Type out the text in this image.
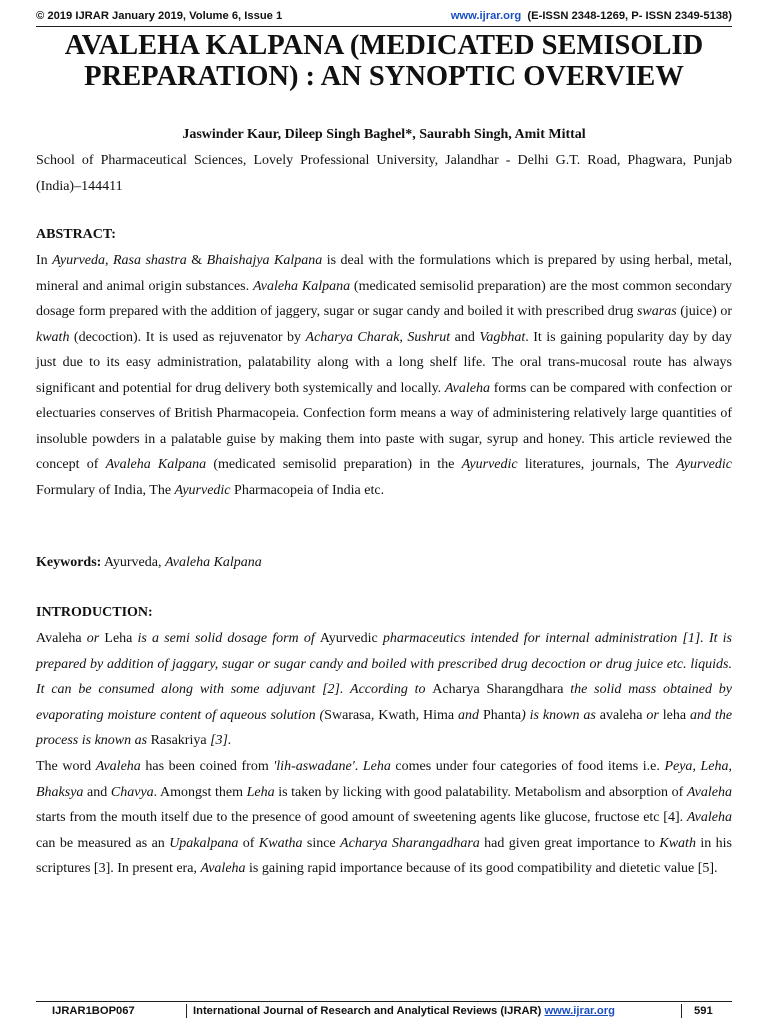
© 2019 IJRAR January 2019, Volume 6, Issue 1	www.ijrar.org (E-ISSN 2348-1269, P- ISSN 2349-5138)
AVALEHA KALPANA (MEDICATED SEMISOLID PREPARATION) : AN SYNOPTIC OVERVIEW
Jaswinder Kaur, Dileep Singh Baghel*, Saurabh Singh, Amit Mittal
School of Pharmaceutical Sciences, Lovely Professional University, Jalandhar - Delhi G.T. Road, Phagwara, Punjab (India)–144411
ABSTRACT:

In Ayurveda, Rasa shastra & Bhaishajya Kalpana is deal with the formulations which is prepared by using herbal, metal, mineral and animal origin substances. Avaleha Kalpana (medicated semisolid preparation) are the most common secondary dosage form prepared with the addition of jaggery, sugar or sugar candy and boiled it with prescribed drug swaras (juice) or kwath (decoction). It is used as rejuvenator by Acharya Charak, Sushrut and Vagbhat. It is gaining popularity day by day just due to its easy administration, palatability along with a long shelf life. The oral trans-mucosal route has always significant and potential for drug delivery both systemically and locally. Avaleha forms can be compared with confection or electuaries conserves of British Pharmacopeia. Confection form means a way of administering relatively large quantities of insoluble powders in a palatable guise by making them into paste with sugar, syrup and honey. This article reviewed the concept of Avaleha Kalpana (medicated semisolid preparation) in the Ayurvedic literatures, journals, The Ayurvedic Formulary of India, The Ayurvedic Pharmacopeia of India etc.

Keywords: Ayurveda, Avaleha Kalpana
INTRODUCTION:

Avaleha or Leha is a semi solid dosage form of Ayurvedic pharmaceutics intended for internal administration [1]. It is prepared by addition of jaggary, sugar or sugar candy and boiled with prescribed drug decoction or drug juice etc. liquids. It can be consumed along with some adjuvant [2]. According to Acharya Sharangdhara the solid mass obtained by evaporating moisture content of aqueous solution (Swarasa, Kwath, Hima and Phanta) is known as avaleha or leha and the process is known as Rasakriya [3].

The word Avaleha has been coined from 'lih-aswadane'. Leha comes under four categories of food items i.e. Peya, Leha, Bhaksya and Chavya. Amongst them Leha is taken by licking with good palatability. Metabolism and absorption of Avaleha starts from the mouth itself due to the presence of good amount of sweetening agents like glucose, fructose etc [4]. Avaleha can be measured as an Upakalpana of Kwatha since Acharya Sharangadhara had given great importance to Kwath in his scriptures [3]. In present era, Avaleha is gaining rapid importance because of its good compatibility and dietetic value [5].

IJRAR1BOP067	International Journal of Research and Analytical Reviews (IJRAR) www.ijrar.org	591
